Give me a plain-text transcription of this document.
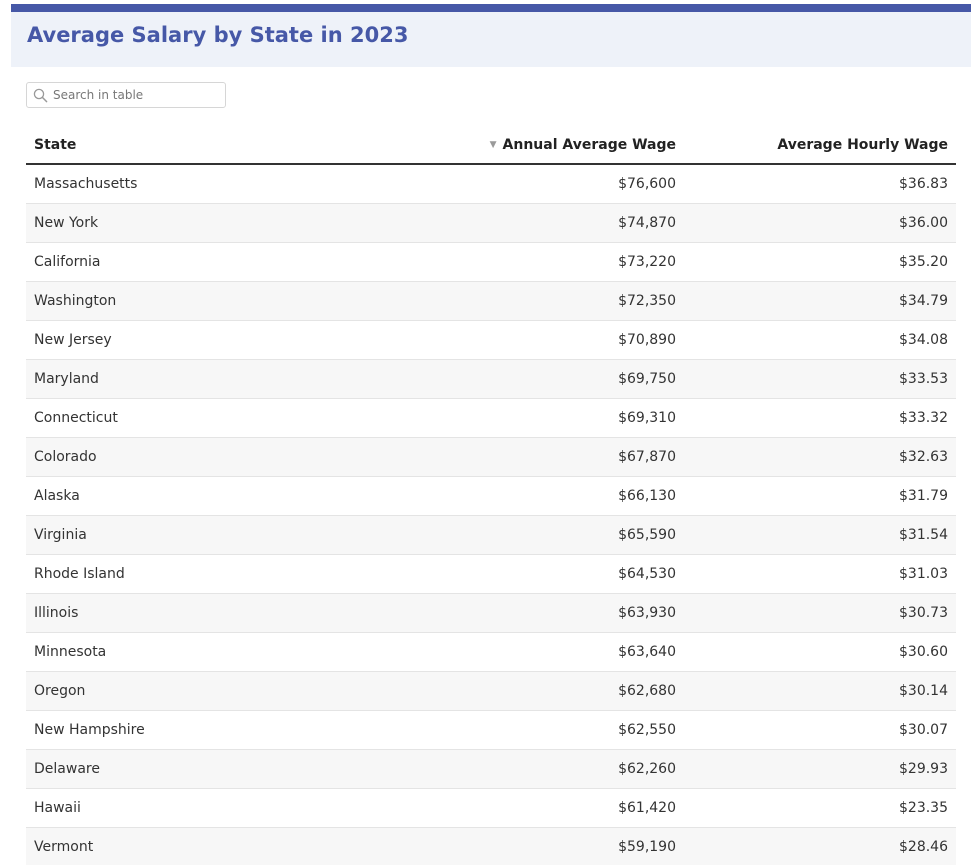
Average Salary by State in 2023
Search in table
State	▼ Annual Average Wage	Average Hourly Wage
Massachusetts	$76,600	$36.83
New York	$74,870	$36.00
California	$73,220	$35.20
Washington	$72,350	$34.79
New Jersey	$70,890	$34.08
Maryland	$69,750	$33.53
Connecticut	$69,310	$33.32
Colorado	$67,870	$32.63
Alaska	$66,130	$31.79
Virginia	$65,590	$31.54
Rhode Island	$64,530	$31.03
Illinois	$63,930	$30.73
Minnesota	$63,640	$30.60
Oregon	$62,680	$30.14
New Hampshire	$62,550	$30.07
Delaware	$62,260	$29.93
Hawaii	$61,420	$23.35
Vermont	$59,190	$28.46
